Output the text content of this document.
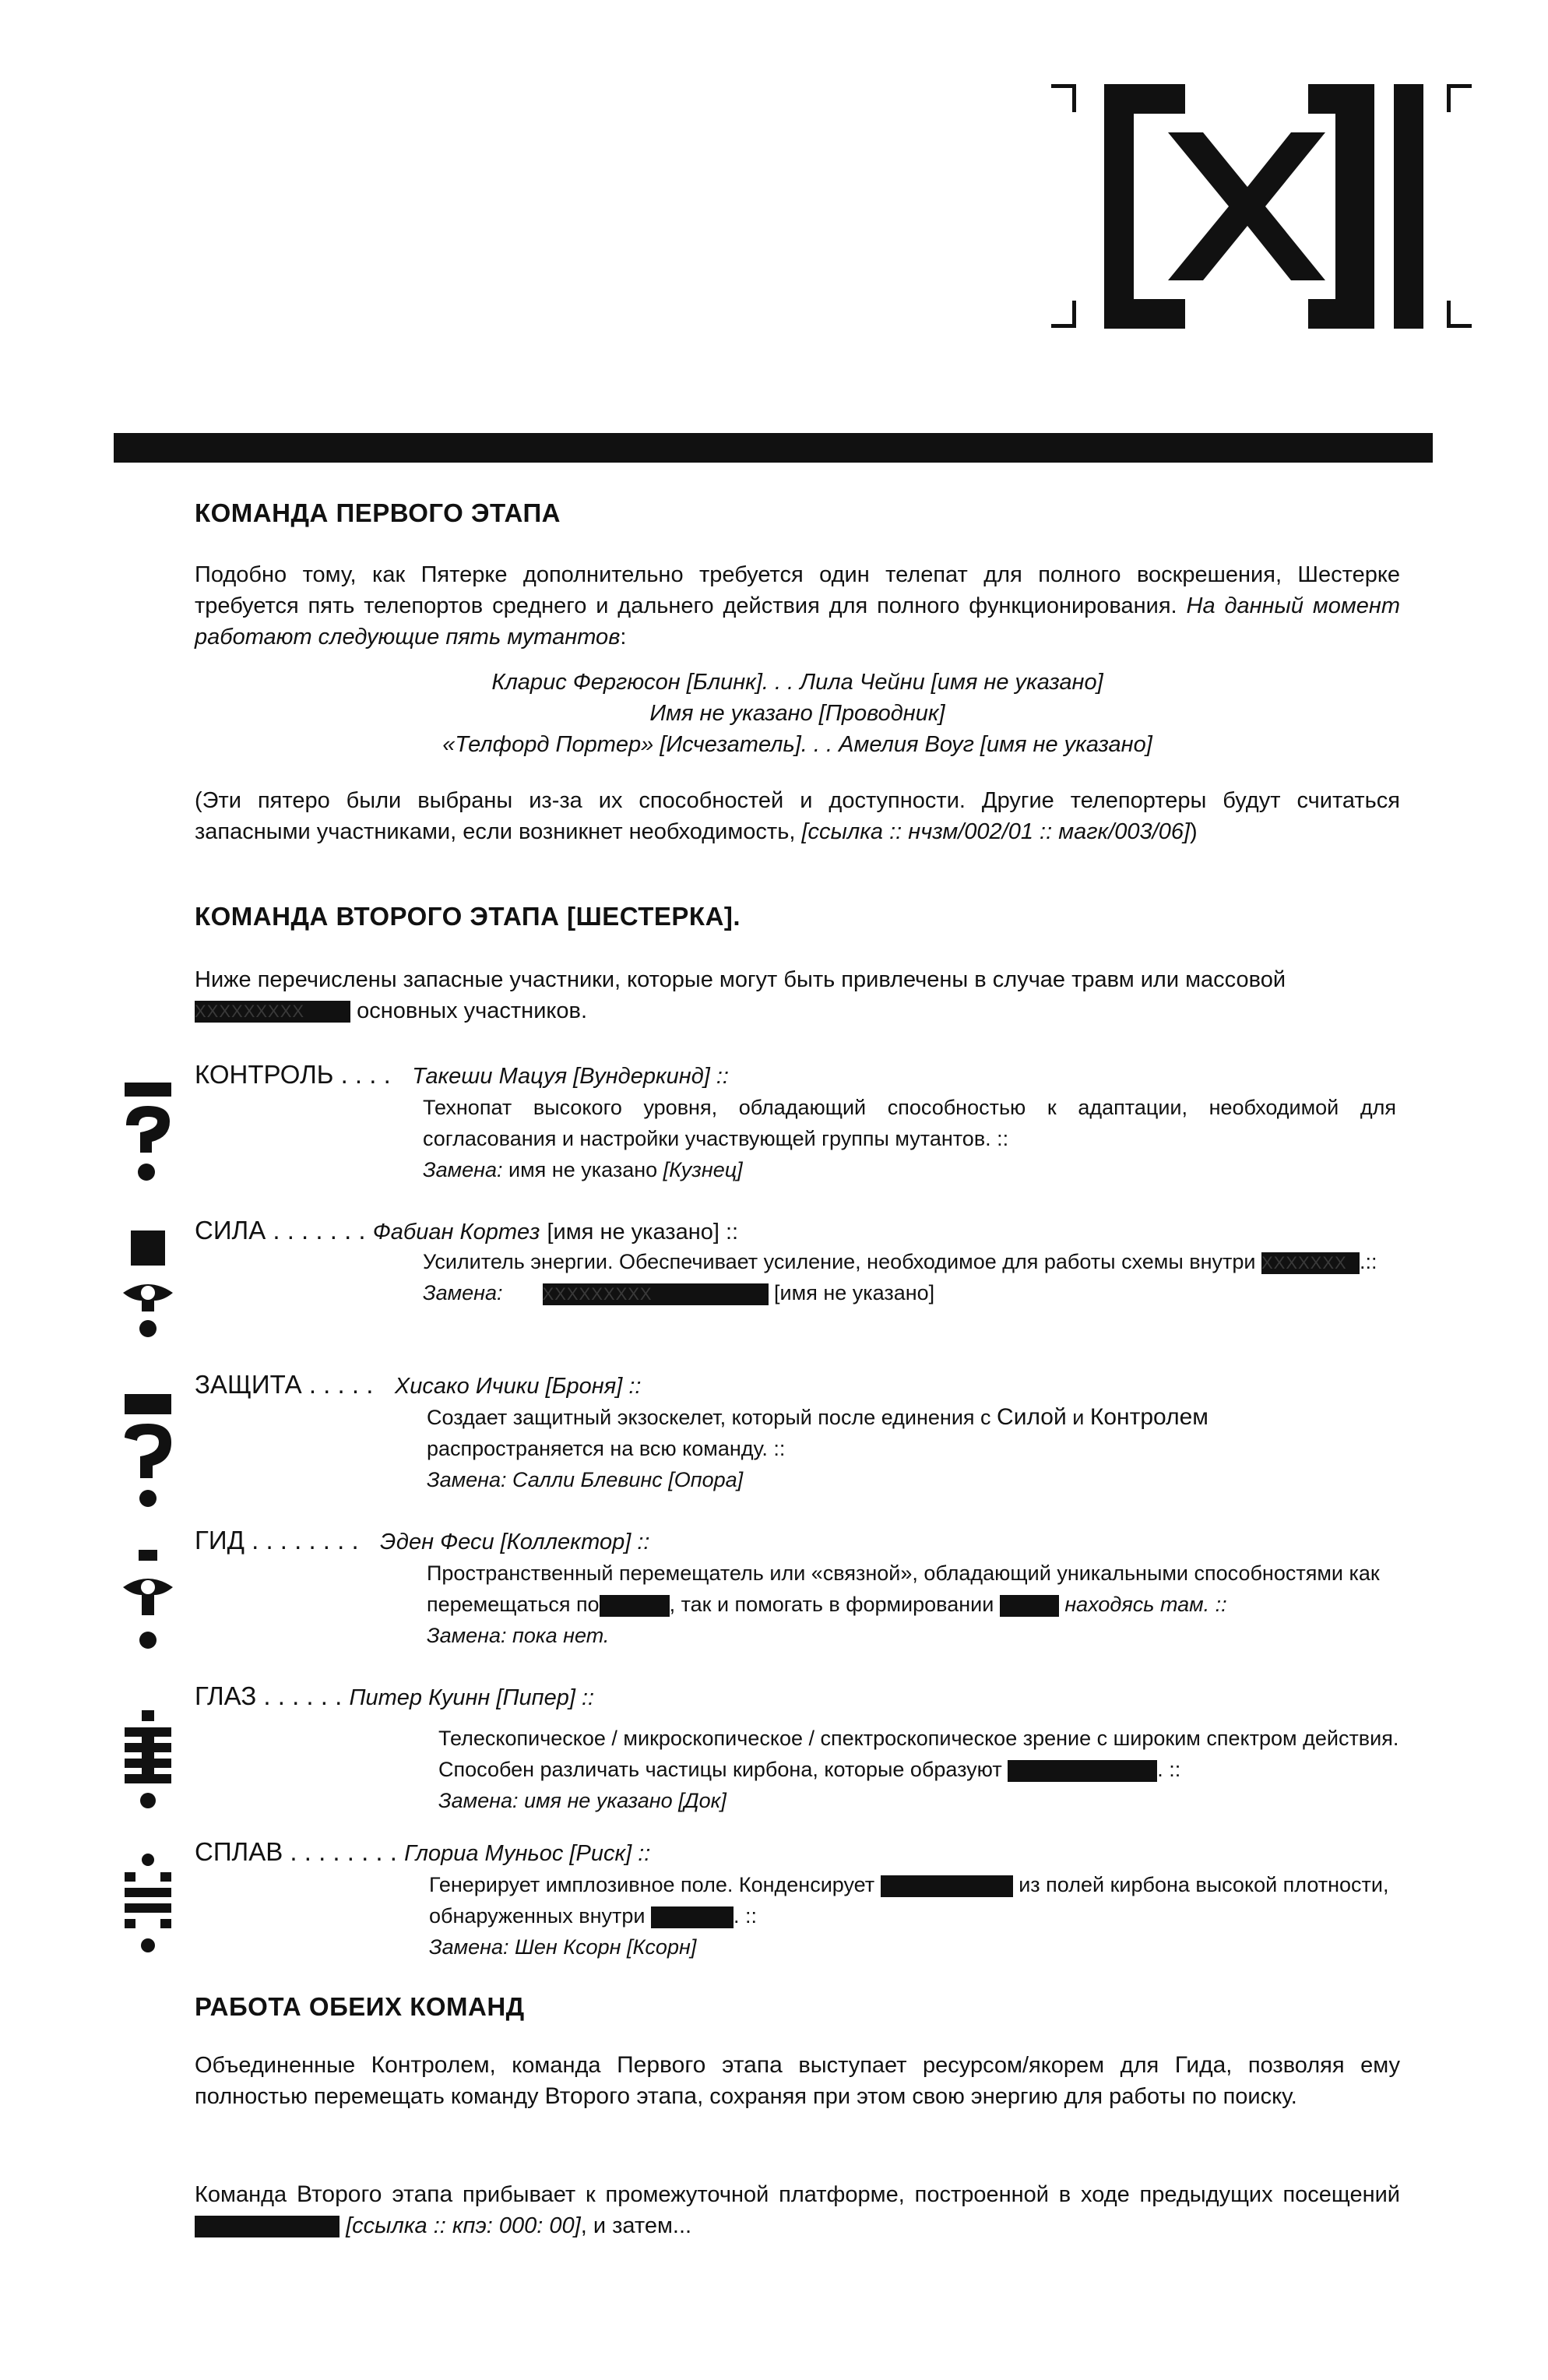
КОМАНДА ПЕРВОГО ЭТАПА
Подобно тому, как Пятерке дополнительно требуется один телепат для полного воскрешения, Шестерке требуется пять телепортов среднего и дальнего действия для полного функционирования. На данный момент работают следующие пять мутантов:
Кларис Фергюсон [Блинк]. . . Лила Чейни [имя не указано]
Имя не указано [Проводник]
«Телфорд Портер» [Исчезатель]. . . Амелия Воуг [имя не указано]
(Эти пятеро были выбраны из-за их способностей и доступности. Другие телепортеры будут считаться запасными участниками, если возникнет необходимость, [ссылка :: нчзм/002/01 :: магк/003/06])
КОМАНДА ВТОРОГО ЭТАПА [ШЕСТЕРКА].
Ниже перечислены запасные участники, которые могут быть привлечены в случае травм или массовой XXXXXXXXX основных участников.
КОНТРОЛЬ . . . . Такеши Мацуя [Вундеркинд] ::
Технопат высокого уровня, обладающий способностью к адаптации, необходимой для согласования и настройки участвующей группы мутантов. ::
Замена: имя не указано [Кузнец]
СИЛА . . . . . . . Фабиан Кортез [имя не указано] ::
Усилитель энергии. Обеспечивает усиление, необходимое для работы схемы внутри XXXXXXX .::
Замена: XXXXXXXXX	[имя не указано]
ЗАЩИТА . . . . . Хисако Ичики [Броня] ::
Создает защитный экзоскелет, который после единения с Силой и Контролем
распространяется на всю команду. ::
Замена: Салли Блевинс [Опора]
ГИД . . . . . . . . Эден Феси [Коллектор] ::
Пространственный перемещатель или «связной», обладающий уникальными способностями как перемещаться по	, так и помогать в формировании	находясь там. ::
Замена: пока нет.
ГЛАЗ . . . . . . Питер Куинн [Пипер] ::
Телескопическое / микроскопическое / спектроскопическое зрение с широким спектром действия. Способен различать частицы кирбона, которые образуют	. ::
Замена: имя не указано [Док]
СПЛАВ . . . . . . . . Глориа Муньос [Риск] ::
Генерирует имплозивное поле. Конденсирует	из полей кирбона высокой плотности, обнаруженных внутри	. ::
Замена: Шен Ксорн [Ксорн]
РАБОТА ОБЕИХ КОМАНД
Объединенные Контролем, команда Первого этапа выступает ресурсом/якорем для Гида, позволяя ему полностью перемещать команду Второго этапа, сохраняя при этом свою энергию для работы по поиску.
Команда Второго этапа прибывает к промежуточной платформе, построенной в ходе предыдущих посещений  [ссылка :: кпэ: 000: 00], и затем...
